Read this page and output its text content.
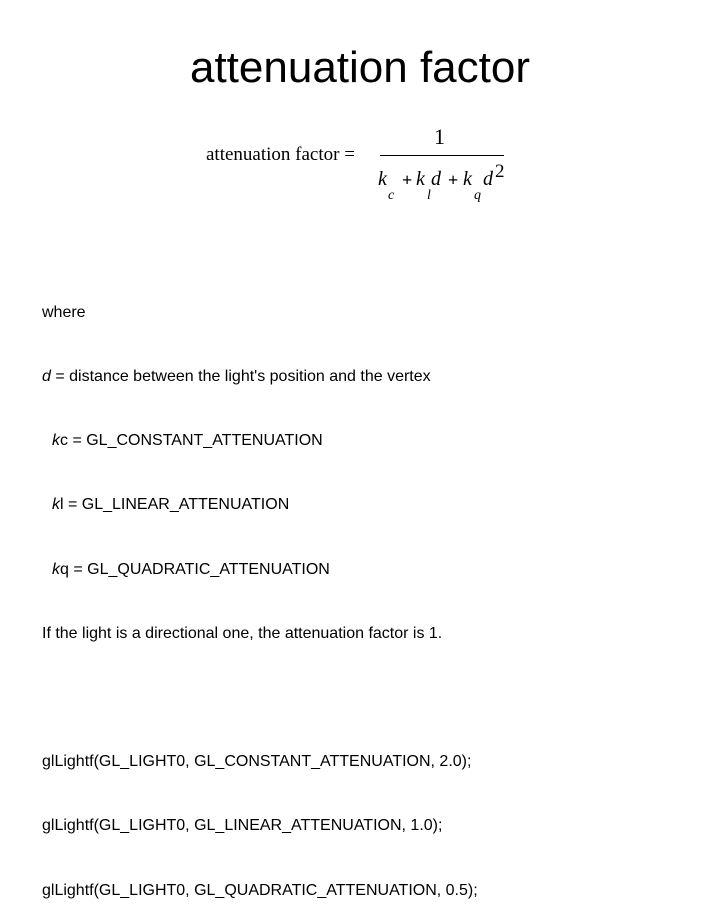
attenuation factor
attenuation factor =
1
k
c
+ k
l
d + k
q
d 2

where

d = distance between the light's position and the vertex

kc = GL_CONSTANT_ATTENUATION

kl = GL_LINEAR_ATTENUATION

kq = GL_QUADRATIC_ATTENUATION

If the light is a directional one, the attenuation factor is 1.

glLightf(GL_LIGHT0, GL_CONSTANT_ATTENUATION, 2.0);

glLightf(GL_LIGHT0, GL_LINEAR_ATTENUATION, 1.0);

glLightf(GL_LIGHT0, GL_QUADRATIC_ATTENUATION, 0.5);
